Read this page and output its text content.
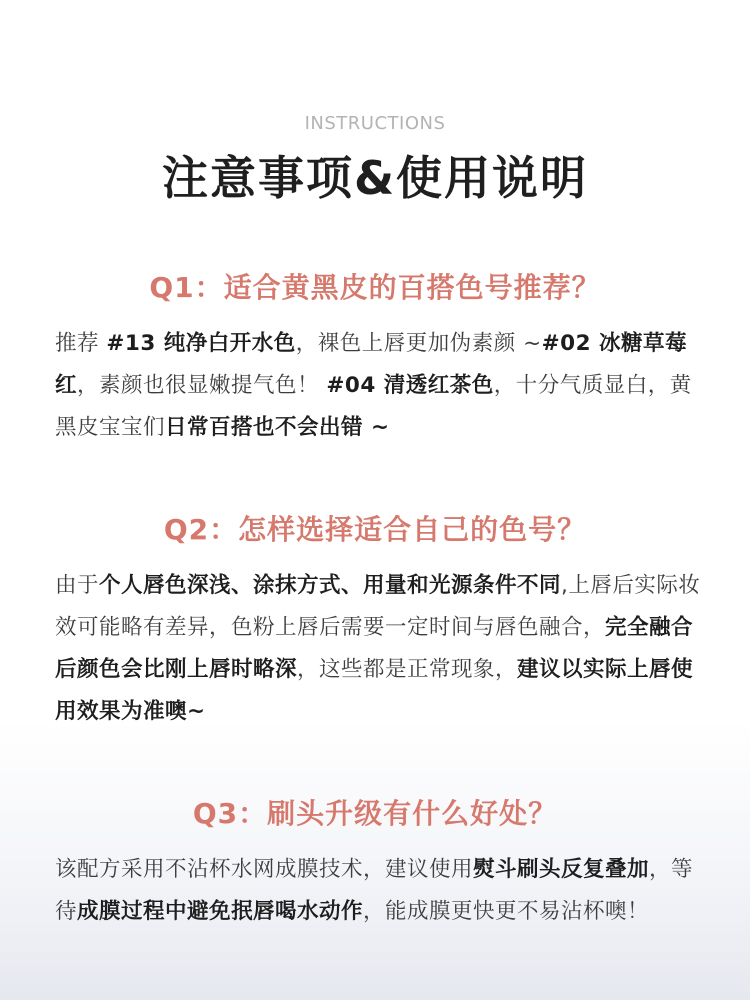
INSTRUCTIONS
注意事项&使用说明
Q1：适合黄黑皮的百搭色号推荐？
推荐 #13 纯净白开水色，裸色上唇更加伪素颜 ~#02 冰糖草莓红，素颜也很显嫩提气色！ #04 清透红茶色，十分气质显白，黄黑皮宝宝们日常百搭也不会出错 ~
Q2：怎样选择适合自己的色号？
由于个人唇色深浅、涂抹方式、用量和光源条件不同,上唇后实际妆效可能略有差异，色粉上唇后需要一定时间与唇色融合，完全融合后颜色会比刚上唇时略深，这些都是正常现象，建议以实际上唇使用效果为准噢~
Q3：刷头升级有什么好处？
该配方采用不沾杯水网成膜技术，建议使用熨斗刷头反复叠加，等待成膜过程中避免抿唇喝水动作，能成膜更快更不易沾杯噢！
